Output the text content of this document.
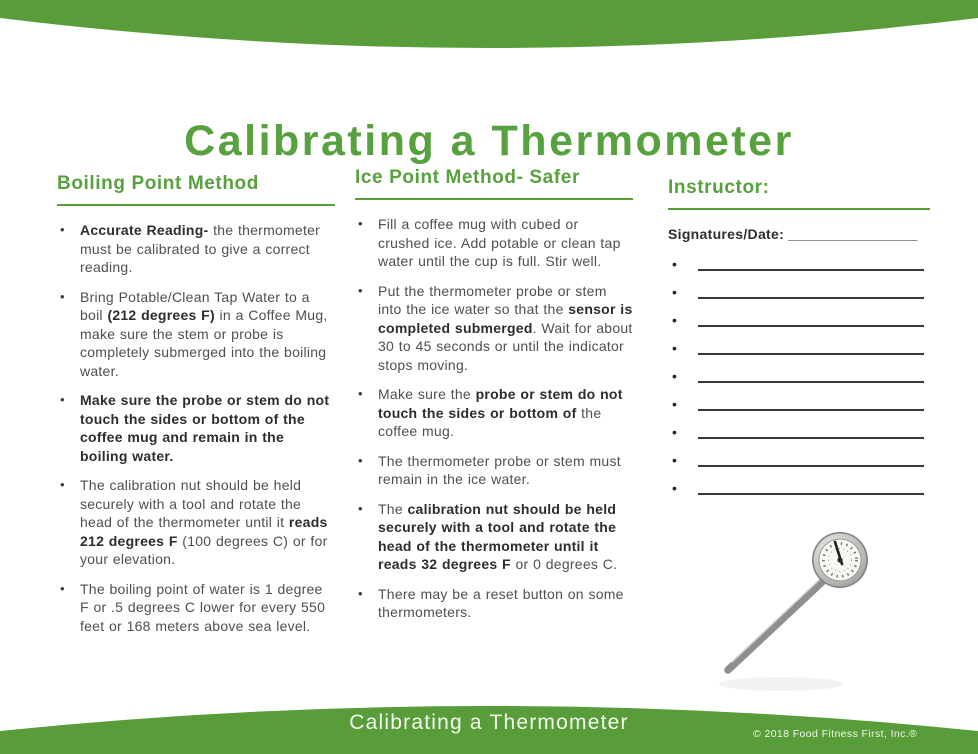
Calibrating a Thermometer
Boiling Point Method
• Accurate Reading- the thermometer must be calibrated to give a correct reading.
• Bring Potable/Clean Tap Water to a boil (212 degrees F) in a Coffee Mug, make sure the stem or probe is completely submerged into the boiling water.
• Make sure the probe or stem do not touch the sides or bottom of the coffee mug and remain in the boiling water.
• The calibration nut should be held securely with a tool and rotate the head of the thermometer until it reads 212 degrees F (100 degrees C) or for your elevation.
• The boiling point of water is 1 degree F or .5 degrees C lower for every 550 feet or 168 meters above sea level.
Ice Point Method- Safer
• Fill a coffee mug with cubed or crushed ice. Add potable or clean tap water until the cup is full. Stir well.
• Put the thermometer probe or stem into the ice water so that the sensor is completed submerged. Wait for about 30 to 45 seconds or until the indicator stops moving.
• Make sure the probe or stem do not touch the sides or bottom of the coffee mug.
• The thermometer probe or stem must remain in the ice water.
• The calibration nut should be held securely with a tool and rotate the head of the thermometer until it reads 32 degrees F or 0 degrees C.
• There may be a reset button on some thermometers.
Instructor:
Signatures/Date: ________________
•
•
•
•
•
•
•
•
•
Calibrating a Thermometer	© 2018 Food Fitness First, Inc.®
